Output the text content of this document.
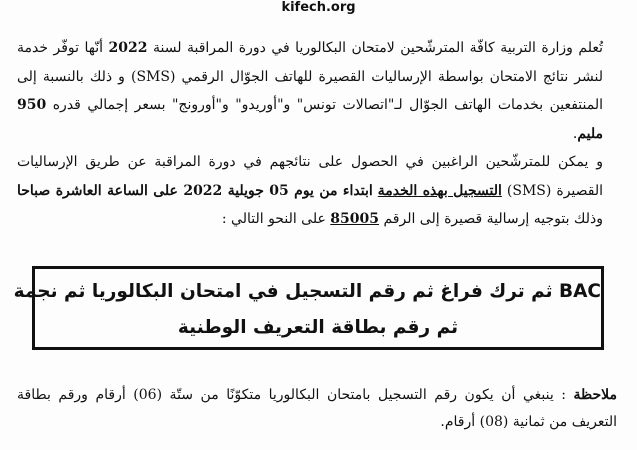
kifech.org

تُعلم وزارة التربية كافّة المترشّحين لامتحان البكالوريا في دورة المراقبة لسنة 2022 أنّها توفّر خدمة لنشر نتائج الامتحان بواسطة الإرساليات القصيرة للهاتف الجوّال الرقمي (SMS) و ذلك بالنسبة إلى المنتفعين بخدمات الهاتف الجوّال لـ"اتصالات تونس" و"أوريدو" و"أورونج" بسعر إجمالي قدره 950 مليم.

و يمكن للمترشّحين الراغبين في الحصول على نتائجهم في دورة المراقبة عن طريق الإرساليات القصيرة (SMS) التسجيل بهذه الخدمة ابتداء من يوم 05 جويلية 2022 على الساعة العاشرة صباحا وذلك بتوجيه إرسالية قصيرة إلى الرقم 85005 على النحو التالي :

BAC ثم ترك فراغ ثم رقم التسجيل في امتحان البكالوريا ثم نجمة
ثم رقم بطاقة التعريف الوطنية
ملاحظة : ينبغي أن يكون رقم التسجيل بامتحان البكالوريا متكوّنًا من ستّة (06) أرقام ورقم بطاقة التعريف من ثمانية (08) أرقام.
